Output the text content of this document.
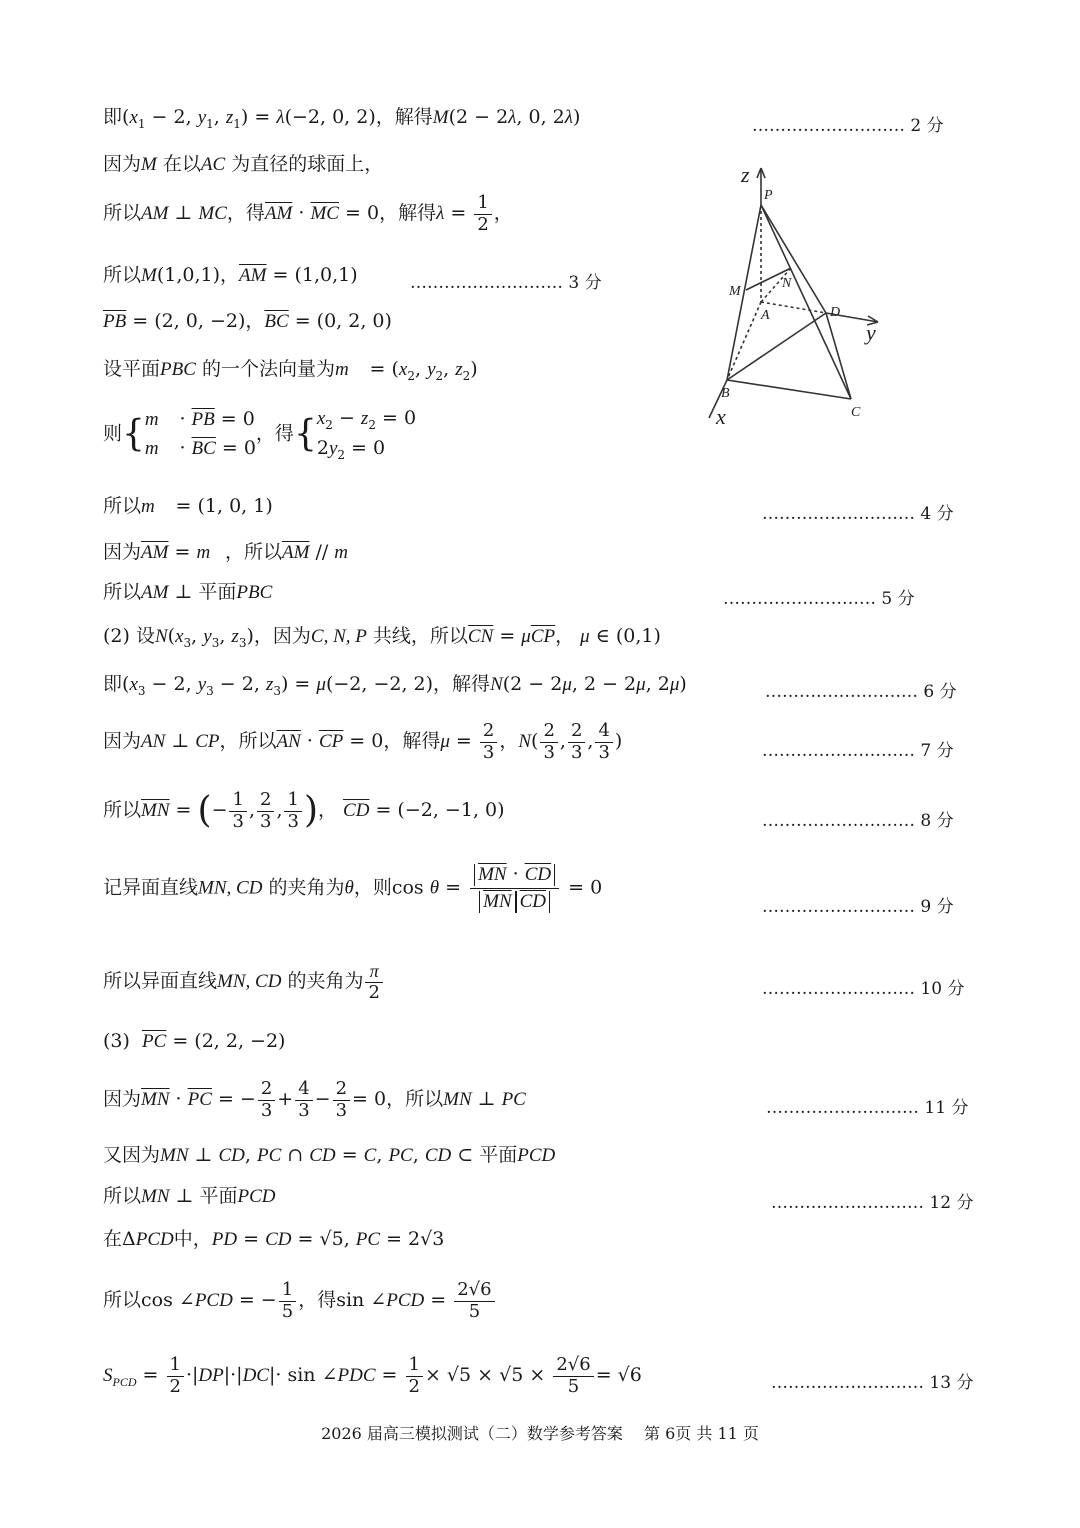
z
P
N
M
A	D
y
B
C
x
即($x_1 - 2$, $y_1$, $z_1) = \lambda(-2$, 0, 2)，解得M(2 − 2λ, 0, 2λ)	……………………… 2 分
因为M 在以AC 为直径的球面上，
所以AM ⊥ MC，得$\overline{AM} \cdot \overline{MC} = 0$，解得$\lambda = \frac{1}{2}$ ，
所以M(1,0,1)，$\overline{AM} = (1,0,1)$	……………………… 3 分
$\overline{PB} = (2$, 0, −2)，$\overline{BC} = (0$, 2, 0)
设平面PBC 的一个法向量为m⃗ = ($x_2$, $y_2$, $z_2$)
则{m⃗ · $\overline{PB} = 0$
m⃗ · $\overline{BC} = 0$，得{$x_2 - z_2 = 0$
$2y_2 = 0$
所以m⃗ = (1, 0, 1)	……………………… 4 分
因为$\overline{AM}$ = m⃗，所以$\overline{AM}$ // m⃗
所以AM ⊥ 平面PBC	……………………… 5 分
(2) 设$N(x_3$, $y_3$, $z_3$)，因为C, N, P 共线，所以$\overline{CN} = \mu\overline{CP}$， μ ∈ (0,1)
即($x_3 - 2$, $y_3 - 2$, $z_3) = \mu(-2$, −2, 2)，解得N(2 − 2μ, 2 − 2μ, 2μ)	……………………… 6 分
因为AN ⊥ CP，所以$\overline{AN} \cdot \overline{CP} = 0$，解得$\mu = \frac{2}{3}$ ，$N( \frac{2}{3}$ , $\frac{2}{3}$ , $\frac{4}{3}$ )	……………………… 7 分
所以$\overline{MN}$ = (− $\frac{1}{3}$ , $\frac{2}{3}$ , $\frac{1}{3}$ )， $\overline{CD} = (-2$, −1, 0)	……………………… 8 分
记异面直线MN, CD 的夹角为θ，则cos θ =
$\overline{MN} \cdot \overline{CD}$
$\overline{MN}$ $\overline{CD}$
= 0
……………………… 9 分
所以异面直线MN, CD 的夹角为 $\frac{\pi}{2}$	……………………… 10 分
(3) $\overline{PC} = (2$, 2, −2)
因为$\overline{MN} \cdot \overline{PC}$ = − $\frac{2}{3} + \frac{4}{3} - \frac{2}{3} = 0$，所以MN ⊥ PC	……………………… 11 分
又因为MN ⊥ CD, PC ∩ CD = C, PC, CD ⊂ 平面PCD
所以MN ⊥ 平面PCD	……………………… 12 分
在ΔPCD中，PD = CD = √5, PC = 2√3
所以cos ∠PCD = − $\frac{1}{5}$ ，得sin ∠PCD = $\frac{2√6}{5}$
$S_{PCD} = \frac{1}{2} \cdot|DP|\cdot|DC|\cdot \sin$ ∠PDC = $\frac{1}{2} \times √5 \times √5 \times \frac{2√6}{5} = √6$	……………………… 13 分
2026 届高三模拟测试（二）数学参考答案　 第 6页 共 11 页
